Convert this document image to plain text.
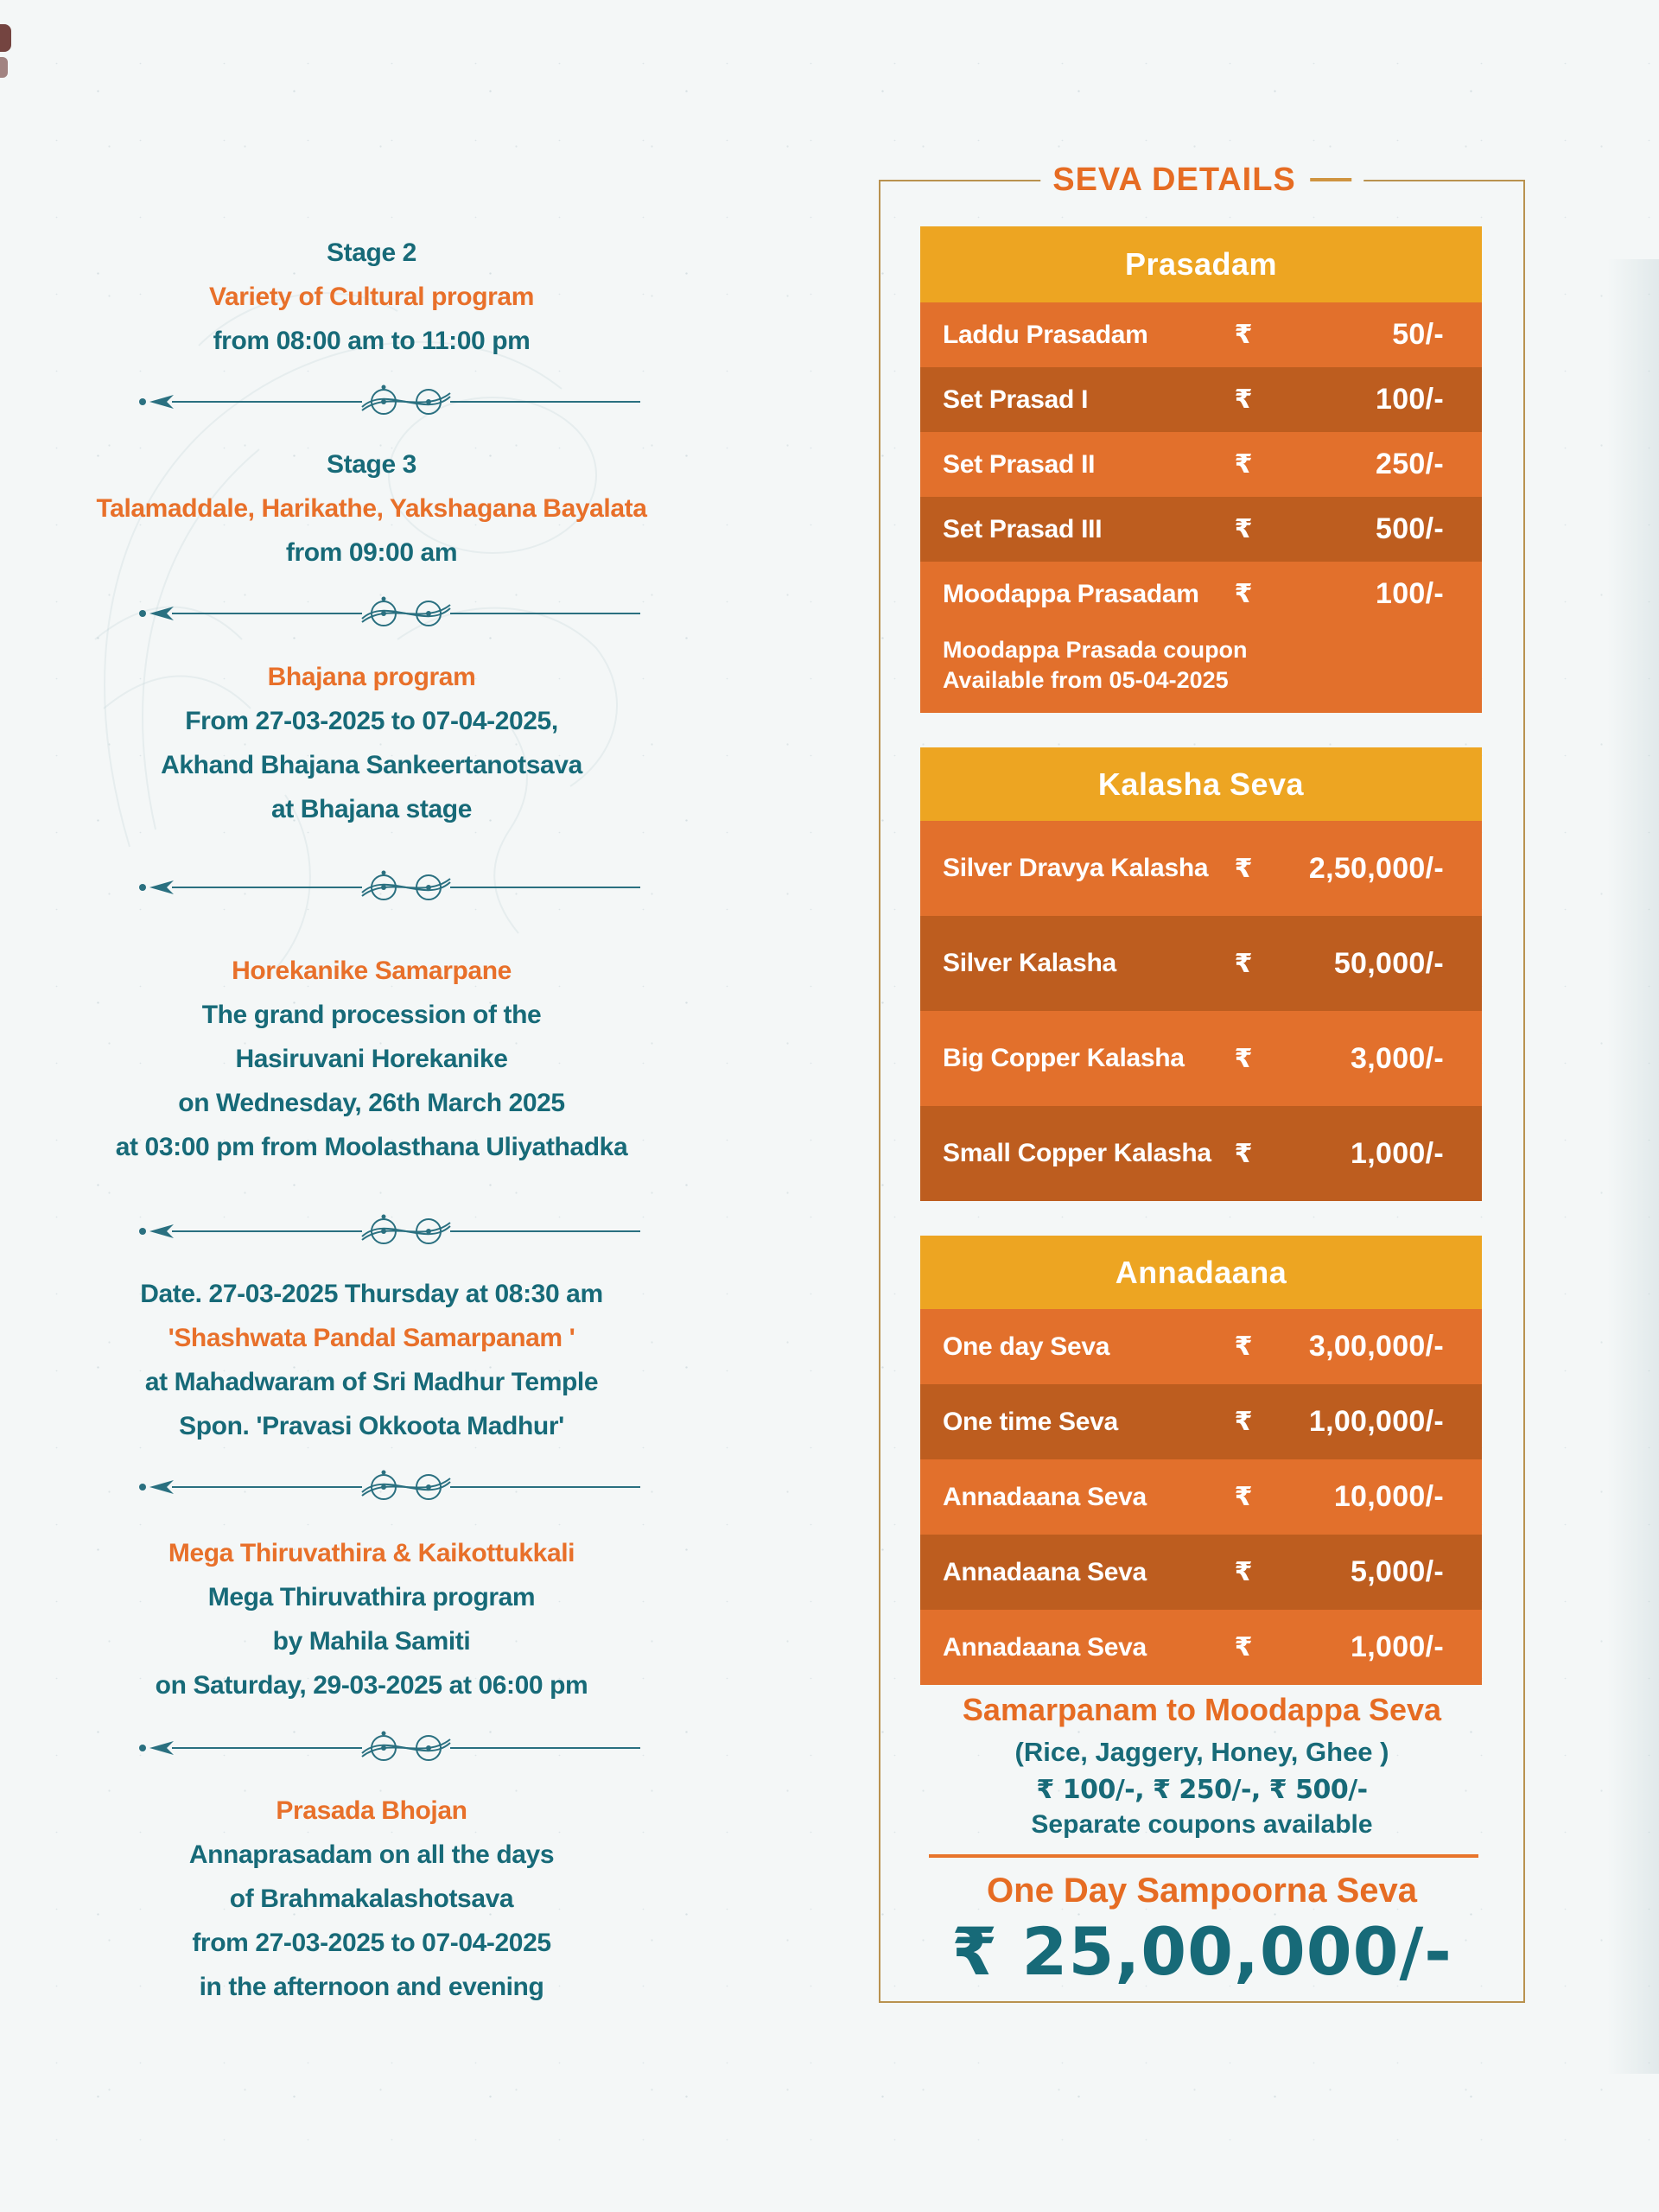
Stage 2
Variety of Cultural program
from 08:00 am to 11:00 pm
Stage 3
Talamaddale, Harikathe, Yakshagana Bayalata
from 09:00 am
Bhajana program
From 27-03-2025 to 07-04-2025,
Akhand Bhajana Sankeertanotsava
at Bhajana stage
Horekanike Samarpane
The grand procession of the
Hasiruvani Horekanike
on Wednesday, 26th March 2025
at 03:00 pm from Moolasthana Uliyathadka
Date. 27-03-2025 Thursday at 08:30 am
'Shashwata Pandal Samarpanam '
at Mahadwaram of Sri Madhur Temple
Spon. 'Pravasi Okkoota Madhur'
Mega Thiruvathira & Kaikottukkali
Mega Thiruvathira program
by Mahila Samiti
on Saturday, 29-03-2025 at 06:00 pm
Prasada Bhojan
Annaprasadam on all the days
of Brahmakalashotsava
from 27-03-2025 to 07-04-2025
in the afternoon and evening
SEVA DETAILS
Prasadam
Laddu Prasadam	₹	50/-
Set Prasad I	₹	100/-
Set Prasad II	₹	250/-
Set Prasad III	₹	500/-
Moodappa Prasadam	₹	100/-
Moodappa Prasada coupon
Available from 05-04-2025
Kalasha Seva
Silver Dravya Kalasha	₹	2,50,000/-
Silver Kalasha	₹	50,000/-
Big Copper Kalasha	₹	3,000/-
Small Copper Kalasha ₹	1,000/-
Annadaana
One day Seva	₹	3,00,000/-
One time Seva	₹	1,00,000/-
Annadaana Seva	₹	10,000/-
Annadaana Seva	₹	5,000/-
Annadaana Seva	₹	1,000/-
Samarpanam to Moodappa Seva
(Rice, Jaggery, Honey, Ghee )
₹ 100/-, ₹ 250/-, ₹ 500/-
Separate coupons available
One Day Sampoorna Seva
₹ 25,00,000/-
